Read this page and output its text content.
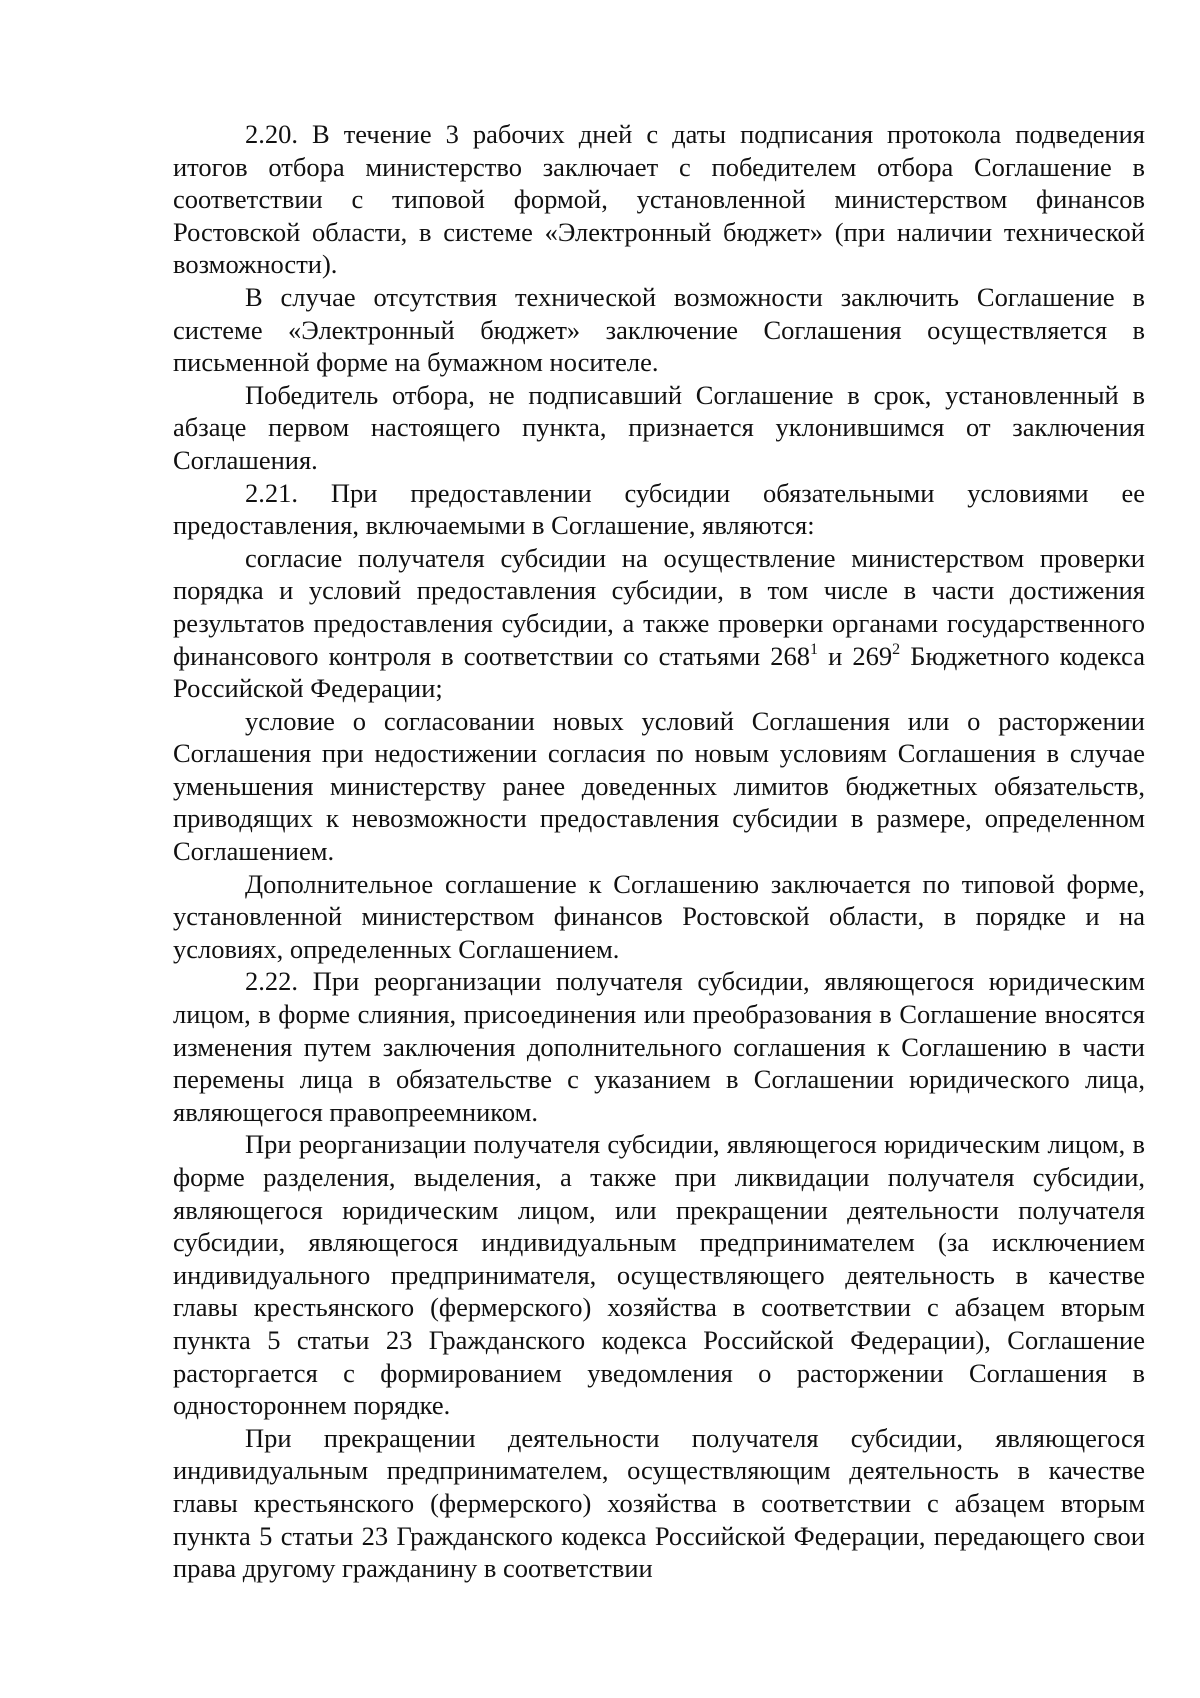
2.20. В течение 3 рабочих дней с даты подписания протокола подведения итогов отбора министерство заключает с победителем отбора Соглашение в соответствии с типовой формой, установленной министерством финансов Ростовской области, в системе «Электронный бюджет» (при наличии технической возможности).

В случае отсутствия технической возможности заключить Соглашение в системе «Электронный бюджет» заключение Соглашения осуществляется в письменной форме на бумажном носителе.

Победитель отбора, не подписавший Соглашение в срок, установленный в абзаце первом настоящего пункта, признается уклонившимся от заключения Соглашения.

2.21. При предоставлении субсидии обязательными условиями ее предоставления, включаемыми в Соглашение, являются:

согласие получателя субсидии на осуществление министерством проверки порядка и условий предоставления субсидии, в том числе в части достижения результатов предоставления субсидии, а также проверки органами государственного финансового контроля в соответствии со статьями $268^1$ и $269^2$ Бюджетного кодекса Российской Федерации;

условие о согласовании новых условий Соглашения или о расторжении Соглашения при недостижении согласия по новым условиям Соглашения в случае уменьшения министерству ранее доведенных лимитов бюджетных обязательств, приводящих к невозможности предоставления субсидии в размере, определенном Соглашением.

Дополнительное соглашение к Соглашению заключается по типовой форме, установленной министерством финансов Ростовской области, в порядке и на условиях, определенных Соглашением.

2.22. При реорганизации получателя субсидии, являющегося юридическим лицом, в форме слияния, присоединения или преобразования в Соглашение вносятся изменения путем заключения дополнительного соглашения к Соглашению в части перемены лица в обязательстве с указанием в Соглашении юридического лица, являющегося правопреемником.

При реорганизации получателя субсидии, являющегося юридическим лицом, в форме разделения, выделения, а также при ликвидации получателя субсидии, являющегося юридическим лицом, или прекращении деятельности получателя субсидии, являющегося индивидуальным предпринимателем (за исключением индивидуального предпринимателя, осуществляющего деятельность в качестве главы крестьянского (фермерского) хозяйства в соответствии с абзацем вторым пункта 5 статьи 23 Гражданского кодекса Российской Федерации), Соглашение расторгается с формированием уведомления о расторжении Соглашения в одностороннем порядке.

При прекращении деятельности получателя субсидии, являющегося индивидуальным предпринимателем, осуществляющим деятельность в качестве главы крестьянского (фермерского) хозяйства в соответствии с абзацем вторым пункта 5 статьи 23 Гражданского кодекса Российской Федерации, передающего свои права другому гражданину в соответствии
